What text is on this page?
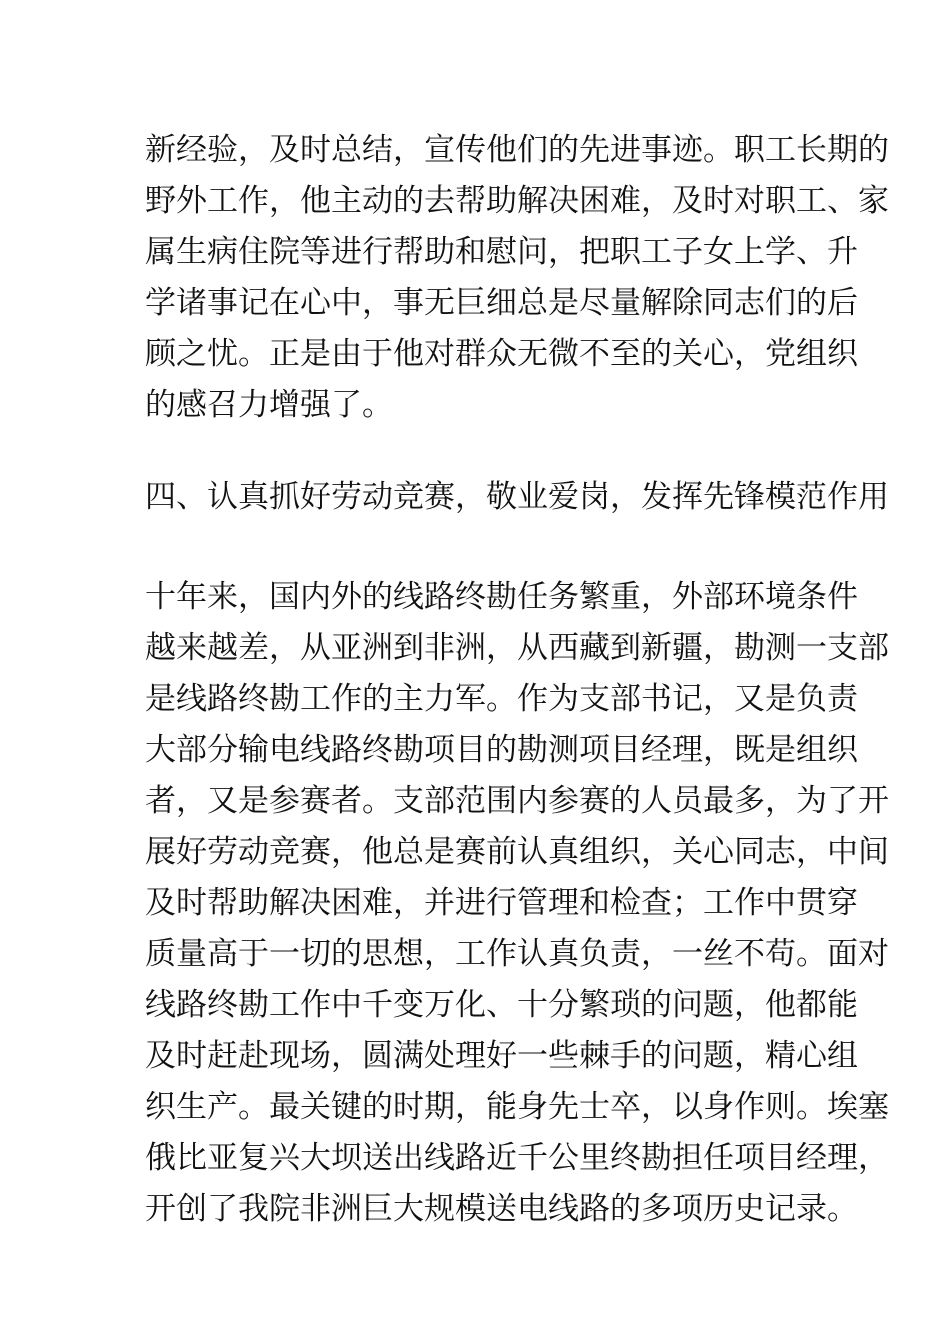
新经验，及时总结，宣传他们的先进事迹。职工长期的
野外工作，他主动的去帮助解决困难，及时对职工、家
属生病住院等进行帮助和慰问，把职工子女上学、升
学诸事记在心中，事无巨细总是尽量解除同志们的后
顾之忧。正是由于他对群众无微不至的关心，党组织
的感召力增强了。
四、认真抓好劳动竞赛，敬业爱岗，发挥先锋模范作用
十年来，国内外的线路终勘任务繁重，外部环境条件
越来越差，从亚洲到非洲，从西藏到新疆，勘测一支部
是线路终勘工作的主力军。作为支部书记，又是负责
大部分输电线路终勘项目的勘测项目经理，既是组织
者，又是参赛者。支部范围内参赛的人员最多，为了开
展好劳动竞赛，他总是赛前认真组织，关心同志，中间
及时帮助解决困难，并进行管理和检查；工作中贯穿
质量高于一切的思想，工作认真负责，一丝不苟。面对
线路终勘工作中千变万化、十分繁琐的问题，他都能
及时赶赴现场，圆满处理好一些棘手的问题，精心组
织生产。最关键的时期，能身先士卒，以身作则。埃塞
俄比亚复兴大坝送出线路近千公里终勘担任项目经理，
开创了我院非洲巨大规模送电线路的多项历史记录。
